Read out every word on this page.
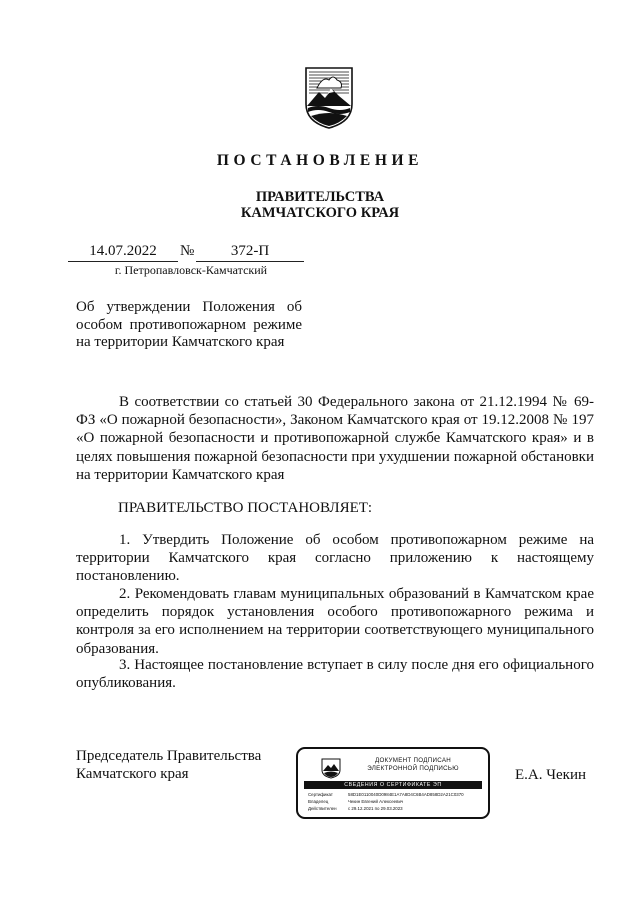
ПОСТАНОВЛЕНИЕ
ПРАВИТЕЛЬСТВА
КАМЧАТСКОГО КРАЯ
14.07.2022	№	372-П
г. Петропавловск-Камчатский
Об утверждении Положения об особом противопожарном режиме на территории Камчатского края
В соответствии со статьей 30 Федерального закона от 21.12.1994 № 69-ФЗ «О пожарной безопасности», Законом Камчатского края от 19.12.2008 № 197 «О пожарной безопасности и противопожарной службе Камчатского края» и в целях повышения пожарной безопасности при ухудшении пожарной обстановки на территории Камчатского края
ПРАВИТЕЛЬСТВО ПОСТАНОВЛЯЕТ:
1. Утвердить Положение об особом противопожарном режиме на территории Камчатского края согласно приложению к настоящему постановлению.
2. Рекомендовать главам муниципальных образований в Камчатском крае определить порядок установления особого противопожарного режима и контроля за его исполнением на территории соответствующего муниципального образования.
3. Настоящее постановление вступает в силу после дня его официального опубликования.
Председатель Правительства Камчатского края
ДОКУМЕНТ ПОДПИСАН
ЭЛЕКТРОННОЙ ПОДПИСЬЮ
СВЕДЕНИЯ О СЕРТИФИКАТЕ ЭП
Сертификат	58D1E0110040D0984E1A7A8D4C6B4AD858D2A21C0370
Владелец	Чекин Евгений Алексеевич
Действителен	с 29.12.2021 по 29.03.2023
Е.А. Чекин
